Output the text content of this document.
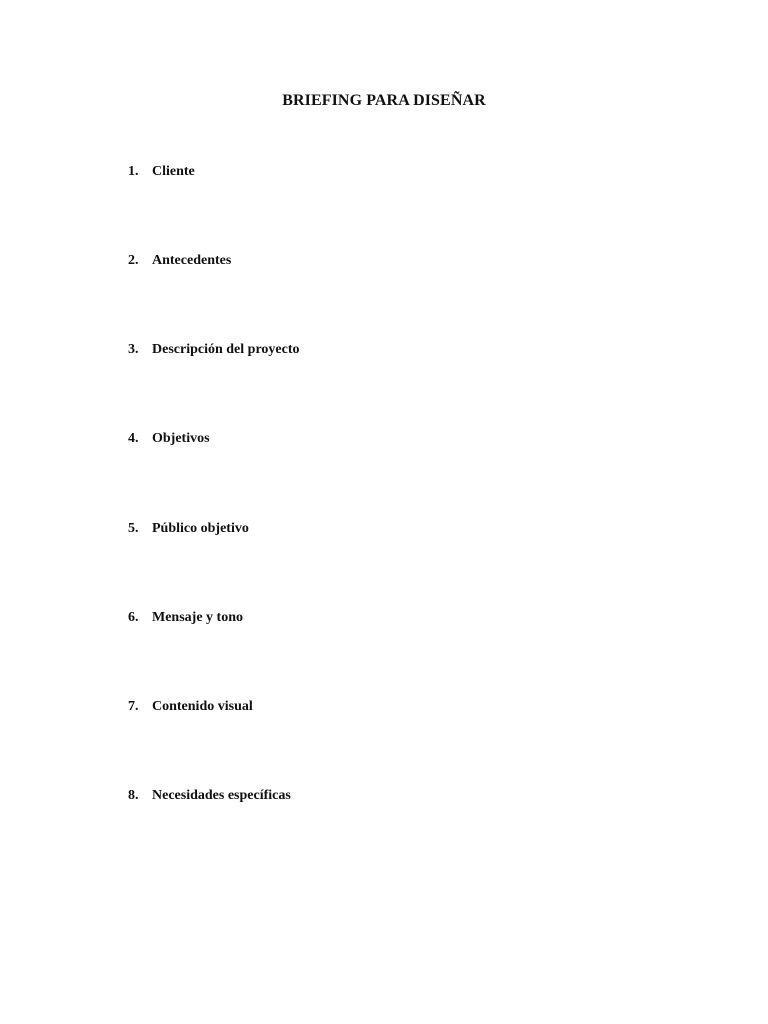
BRIEFING PARA DISEÑAR
1. Cliente
2. Antecedentes
3. Descripción del proyecto
4. Objetivos
5. Público objetivo
6. Mensaje y tono
7. Contenido visual
8. Necesidades específicas
